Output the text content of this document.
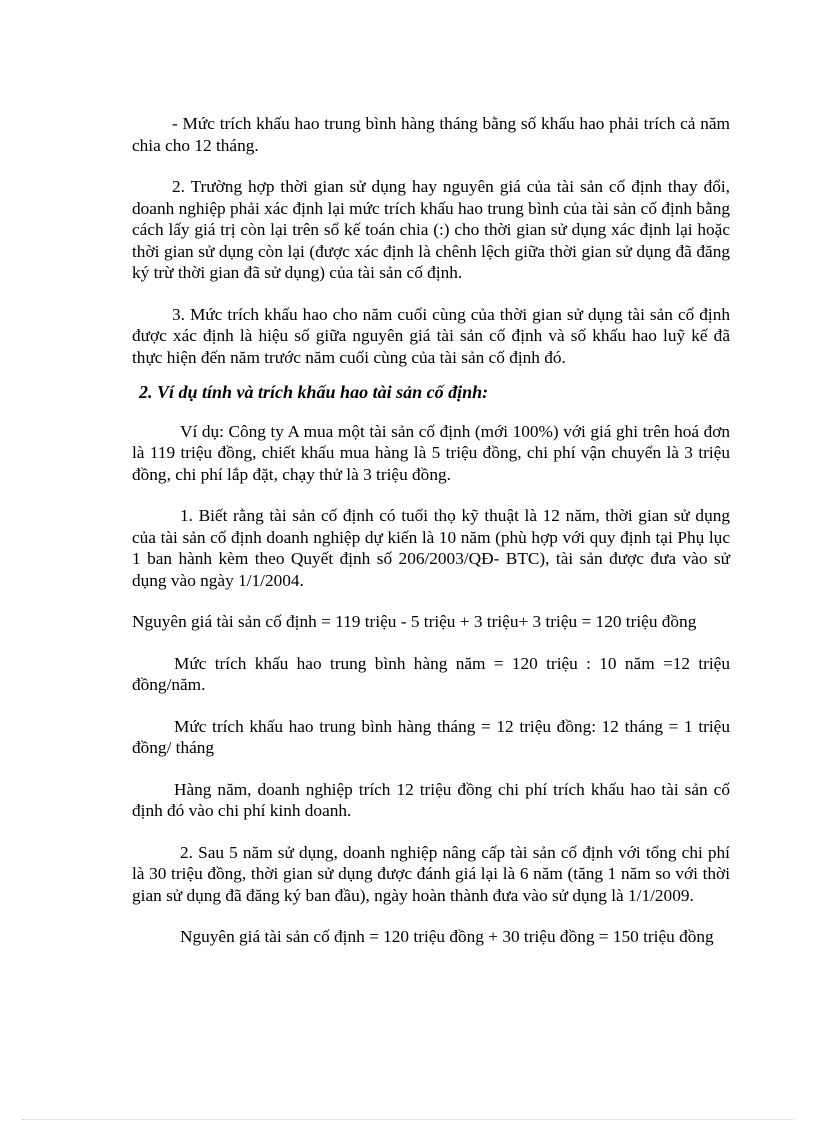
- Mức trích khấu hao trung bình hàng tháng bằng số khấu hao phải trích cả năm chia cho 12 tháng.

2. Trường hợp thời gian sử dụng hay nguyên giá của tài sản cố định thay đổi, doanh nghiệp phải xác định lại mức trích khấu hao trung bình của tài sản cố định bằng cách lấy giá trị còn lại trên sổ kế toán chia (:) cho thời gian sử dụng xác định lại hoặc thời gian sử dụng còn lại (được xác định là chênh lệch giữa thời gian sử dụng đã đăng ký trừ thời gian đã sử dụng) của tài sản cố định.

3. Mức trích khấu hao cho năm cuối cùng của thời gian sử dụng tài sản cố định được xác định là hiệu số giữa nguyên giá tài sản cố định và số khấu hao luỹ kế đã thực hiện đến năm trước năm cuối cùng của tài sản cố định đó.

2. Ví dụ tính và trích khấu hao tài sản cố định:

Ví dụ: Công ty A mua một tài sản cố định (mới 100%) với giá ghi trên hoá đơn là 119 triệu đồng, chiết khấu mua hàng là 5 triệu đồng, chi phí vận chuyển là 3 triệu đồng, chi phí lắp đặt, chạy thử là 3 triệu đồng.

1. Biết rằng tài sản cố định có tuổi thọ kỹ thuật là 12 năm, thời gian sử dụng của tài sản cố định doanh nghiệp dự kiến là 10 năm (phù hợp với quy định tại Phụ lục 1 ban hành kèm theo Quyết định số 206/2003/QĐ- BTC), tài sản được đưa vào sử dụng vào ngày 1/1/2004.

Nguyên giá tài sản cố định = 119 triệu - 5 triệu + 3 triệu+ 3 triệu = 120 triệu đồng

Mức trích khấu hao trung bình hàng năm = 120 triệu : 10 năm =12 triệu đồng/năm.

Mức trích khấu hao trung bình hàng tháng = 12 triệu đồng: 12 tháng = 1 triệu đồng/ tháng

Hàng năm, doanh nghiệp trích 12 triệu đồng chi phí trích khấu hao tài sản cố định đó vào chi phí kinh doanh.

2. Sau 5 năm sử dụng, doanh nghiệp nâng cấp tài sản cố định với tổng chi phí là 30 triệu đồng, thời gian sử dụng được đánh giá lại là 6 năm (tăng 1 năm so với thời gian sử dụng đã đăng ký ban đầu), ngày hoàn thành đưa vào sử dụng là 1/1/2009.

Nguyên giá tài sản cố định = 120 triệu đồng + 30 triệu đồng = 150 triệu đồng
